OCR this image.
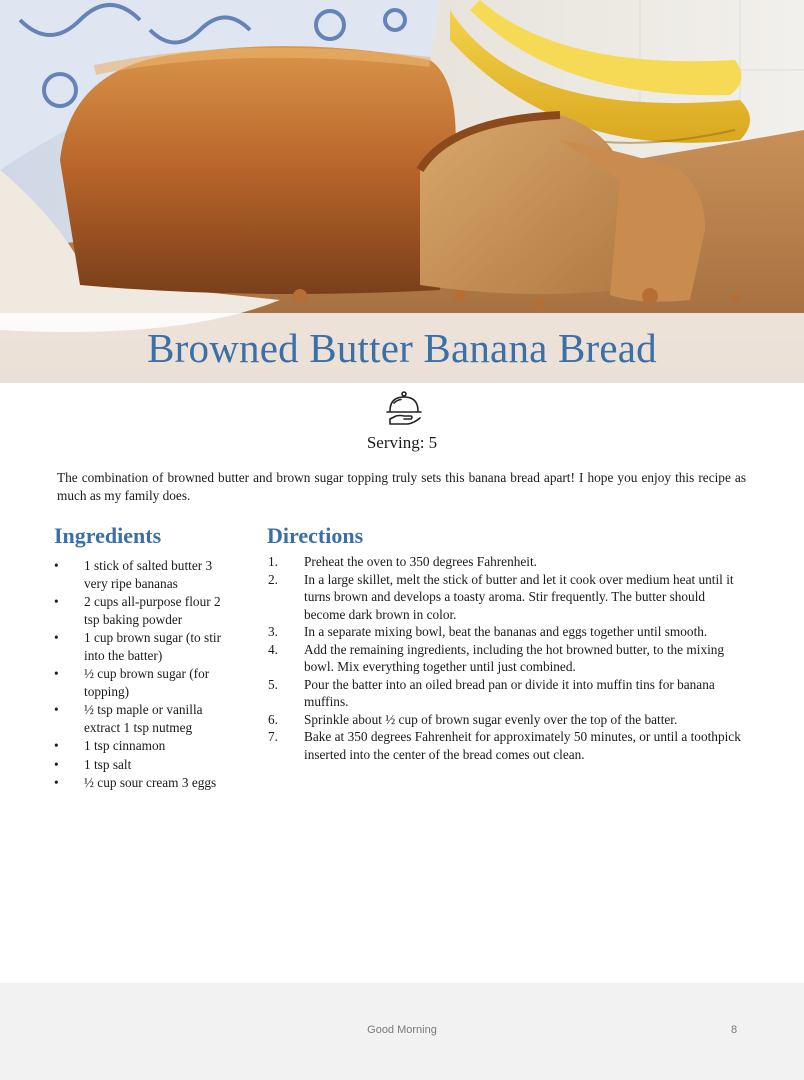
Browned Butter Banana Bread
Serving: 5

The combination of browned butter and brown sugar topping truly sets this banana bread apart! I hope you enjoy this recipe as much as my family does.

Ingredients
• 1 stick of salted butter 3 very ripe bananas
• 2 cups all-purpose flour 2 tsp baking powder
• 1 cup brown sugar (to stir into the batter)
• ½ cup brown sugar (for topping)
• ½ tsp maple or vanilla extract 1 tsp nutmeg
• 1 tsp cinnamon
• 1 tsp salt
• ½ cup sour cream 3 eggs
Directions
1. Preheat the oven to 350 degrees Fahrenheit.
2. In a large skillet, melt the stick of butter and let it cook over medium heat until it turns brown and develops a toasty aroma. Stir frequently. The butter should become dark brown in color.
3. In a separate mixing bowl, beat the bananas and eggs together until smooth.
4. Add the remaining ingredients, including the hot browned butter, to the mixing bowl. Mix everything together until just combined.
5. Pour the batter into an oiled bread pan or divide it into muffin tins for banana muffins.
6. Sprinkle about ½ cup of brown sugar evenly over the top of the batter.
7. Bake at 350 degrees Fahrenheit for approximately 50 minutes, or until a toothpick inserted into the center of the bread comes out clean.
Good Morning	8
